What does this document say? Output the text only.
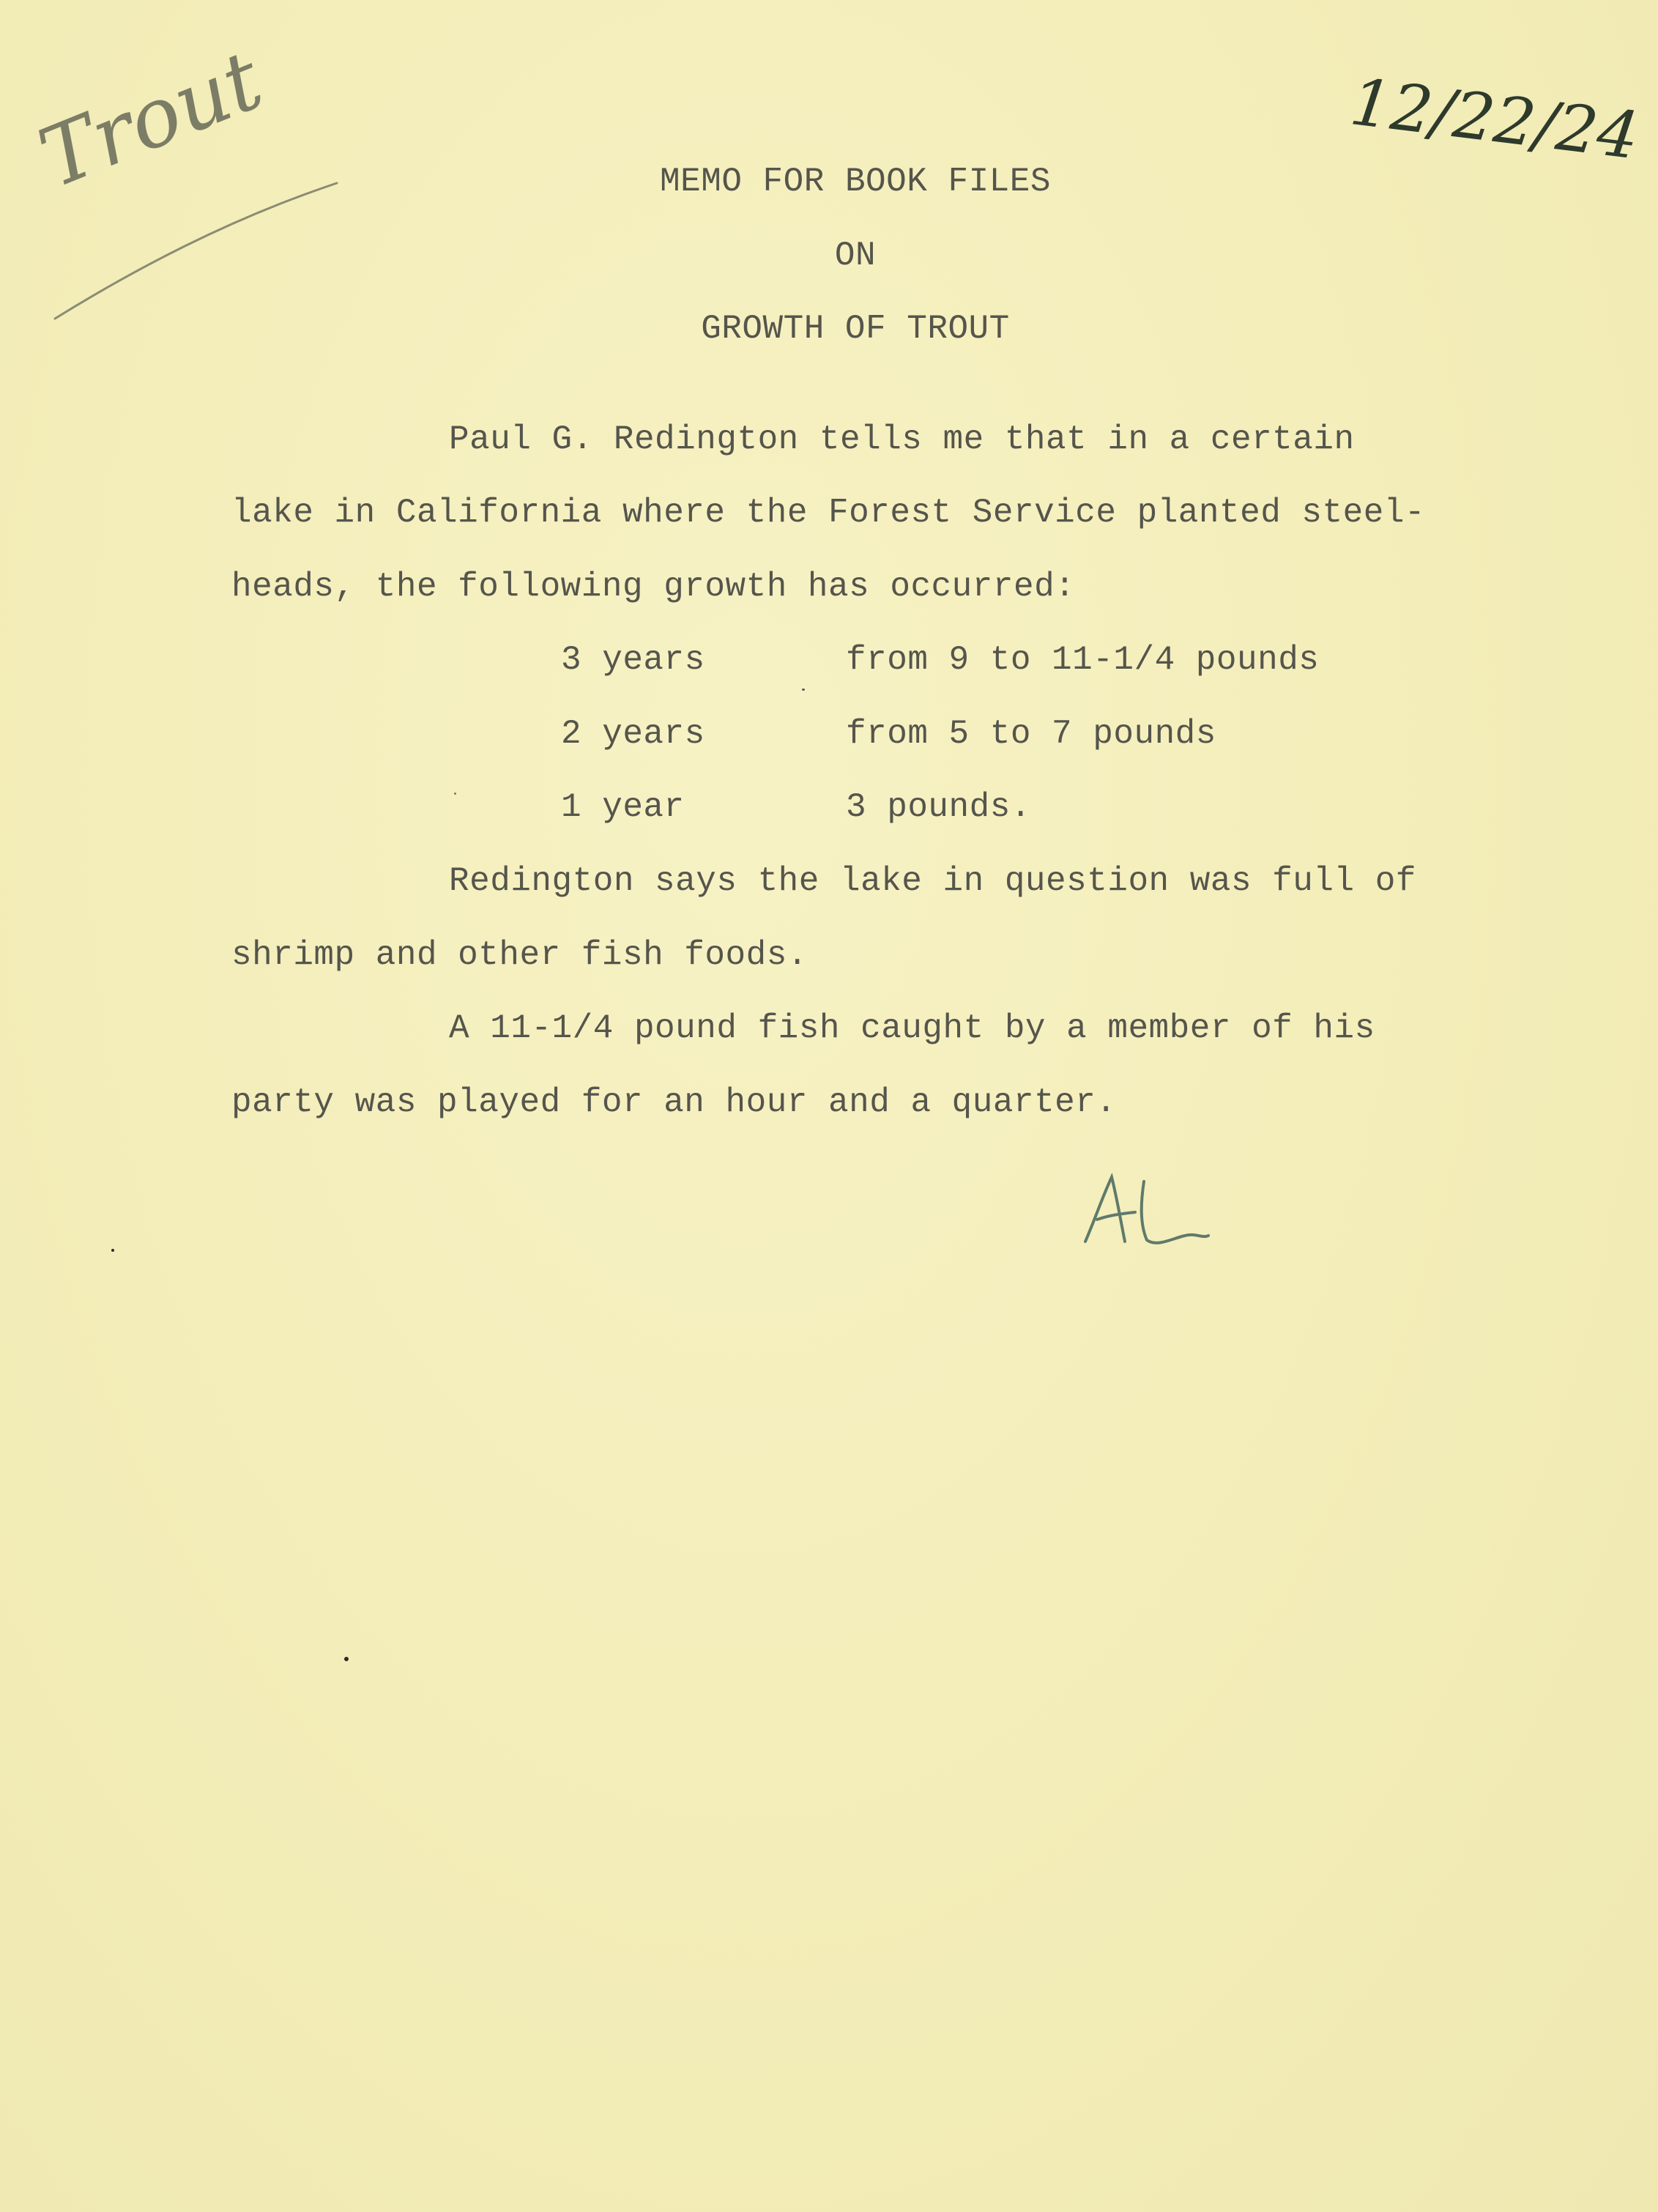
Trout	12/22/24
MEMO FOR BOOK FILES
ON
GROWTH OF TROUT
Paul G. Redington tells me that in a certain
lake in California where the Forest Service planted steel-
heads, the following growth has occurred:
3 years	from 9 to 11-1/4 pounds
2 years	from 5 to 7 pounds
1 year	3 pounds.
Redington says the lake in question was full of
shrimp and other fish foods.
A 11-1/4 pound fish caught by a member of his
party was played for an hour and a quarter.
